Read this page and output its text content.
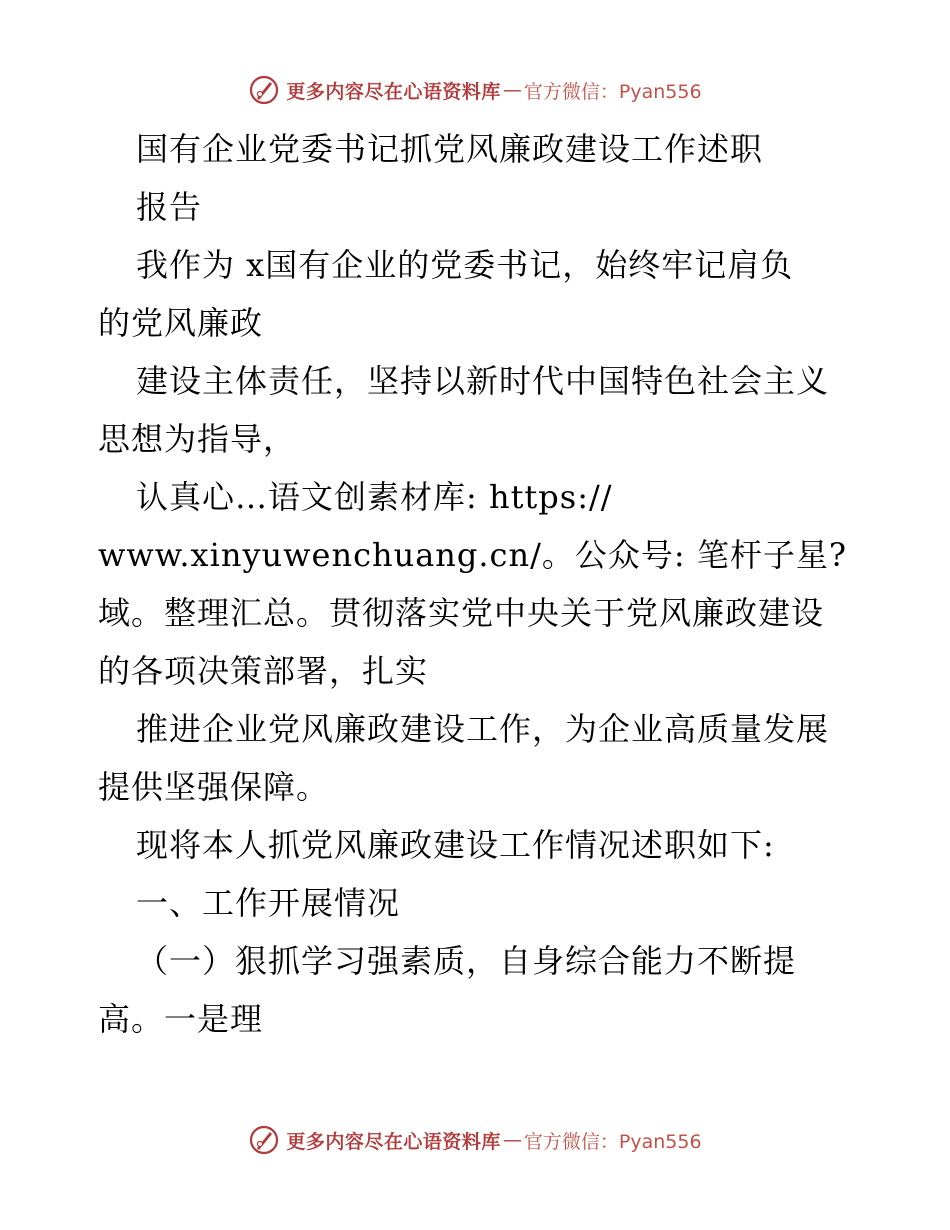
更多内容尽在心语资料库 — 官方微信：Pyan556
国有企业党委书记抓党风廉政建设工作述职
报告
我作为 x国有企业的党委书记，始终牢记肩负
的党风廉政
建设主体责任，坚持以新时代中国特色社会主义
思想为指导，
认真心…语文创素材库: https://
www.xinyuwenchuang.cn/。公众号: 笔杆子星?
域。整理汇总。贯彻落实党中央关于党风廉政建设
的各项决策部署，扎实
推进企业党风廉政建设工作，为企业高质量发展
提供坚强保障。
现将本人抓党风廉政建设工作情况述职如下:
一、工作开展情况
（一）狠抓学习强素质，自身综合能力不断提
高。一是理
更多内容尽在心语资料库 — 官方微信：Pyan556
